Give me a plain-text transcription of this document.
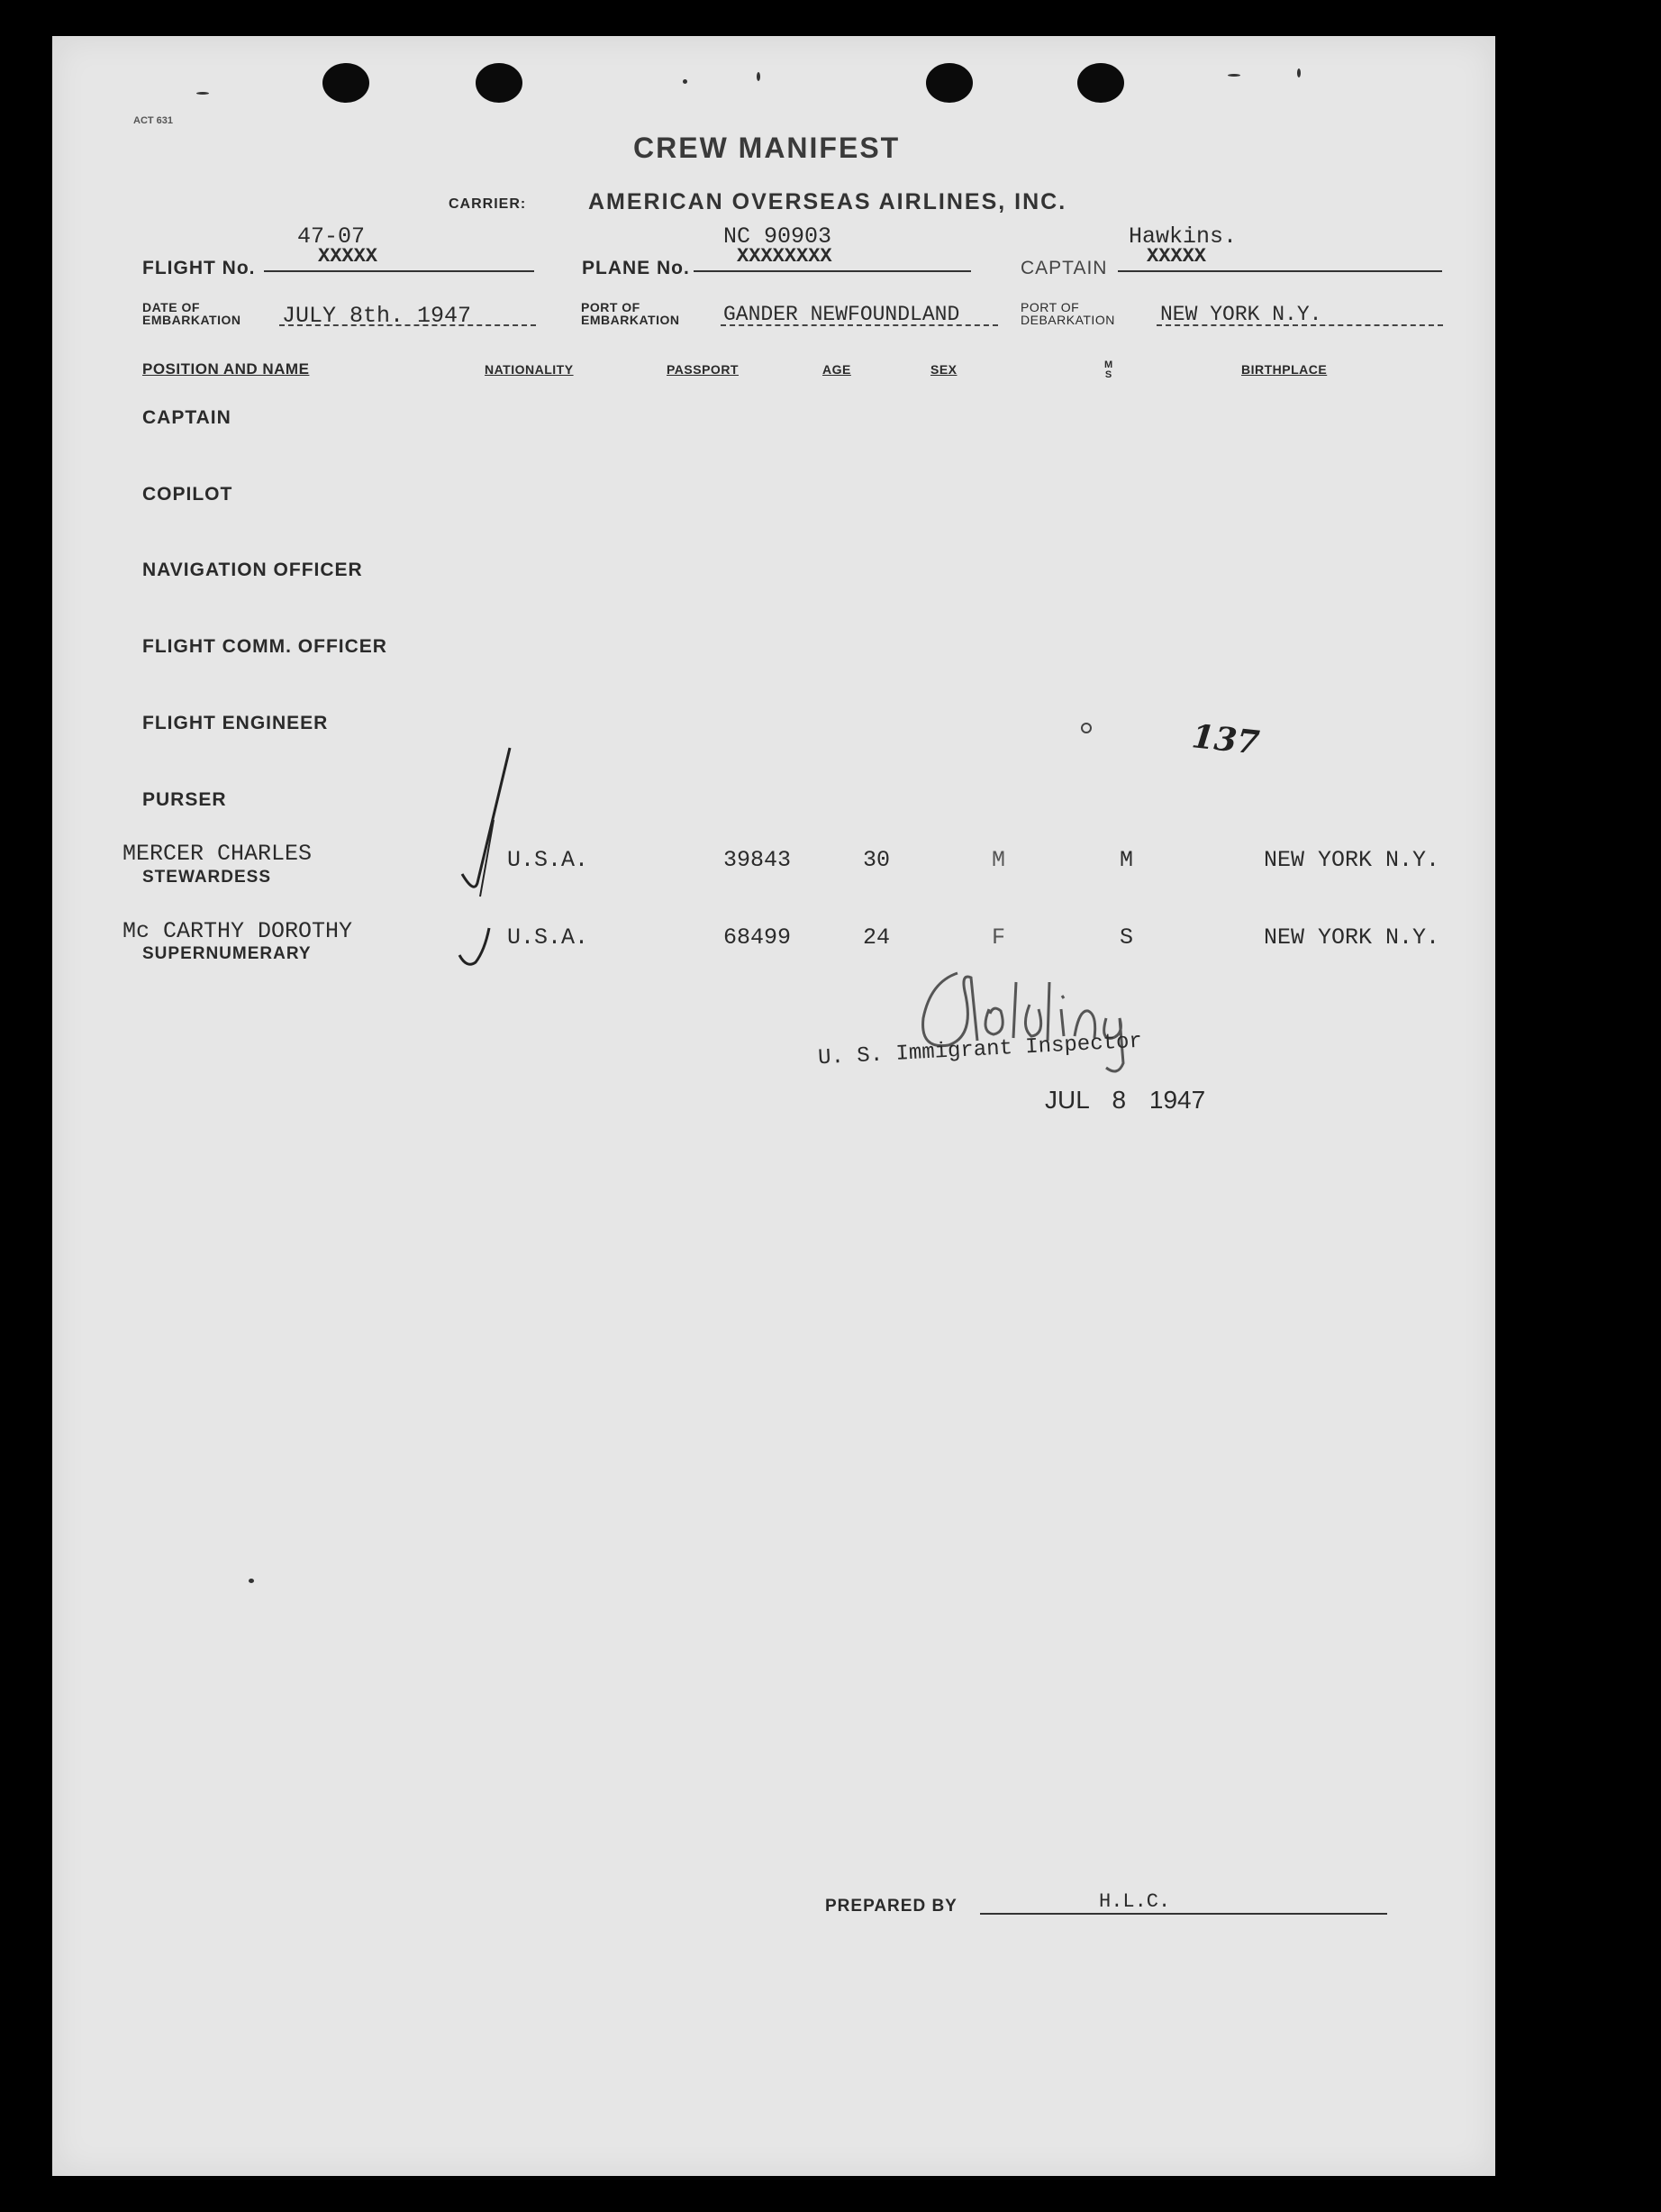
ACT 631
CREW MANIFEST
CARRIER:	AMERICAN OVERSEAS AIRLINES, INC.
47-07
FLIGHT No.
XXXXX
NC 90903
PLANE No.
XXXXXXXX
Hawkins.
CAPTAIN
XXXXX
DATE OF
EMBARKATION JULY 8th. 1947	PORT OF
EMBARKATION GANDER NEWFOUNDLAND	PORT OF
DEBARKATION NEW YORK N.Y.
POSITION AND NAME	NATIONALITY	PASSPORT	AGE	SEX	M
S	BIRTHPLACE
CAPTAIN
COPILOT
NAVIGATION OFFICER
FLIGHT COMM. OFFICER
FLIGHT ENGINEER
PURSER
137
MERCER CHARLES
STEWARDESS
U.S.A.	39843	30	M	M	NEW YORK N.Y.
Mc CARTHY DOROTHY
SUPERNUMERARY
U.S.A.	68499	24	F	S	NEW YORK N.Y.
U. S. Immigrant Inspector
JUL 8 1947
PREPARED BY	H.L.C.
